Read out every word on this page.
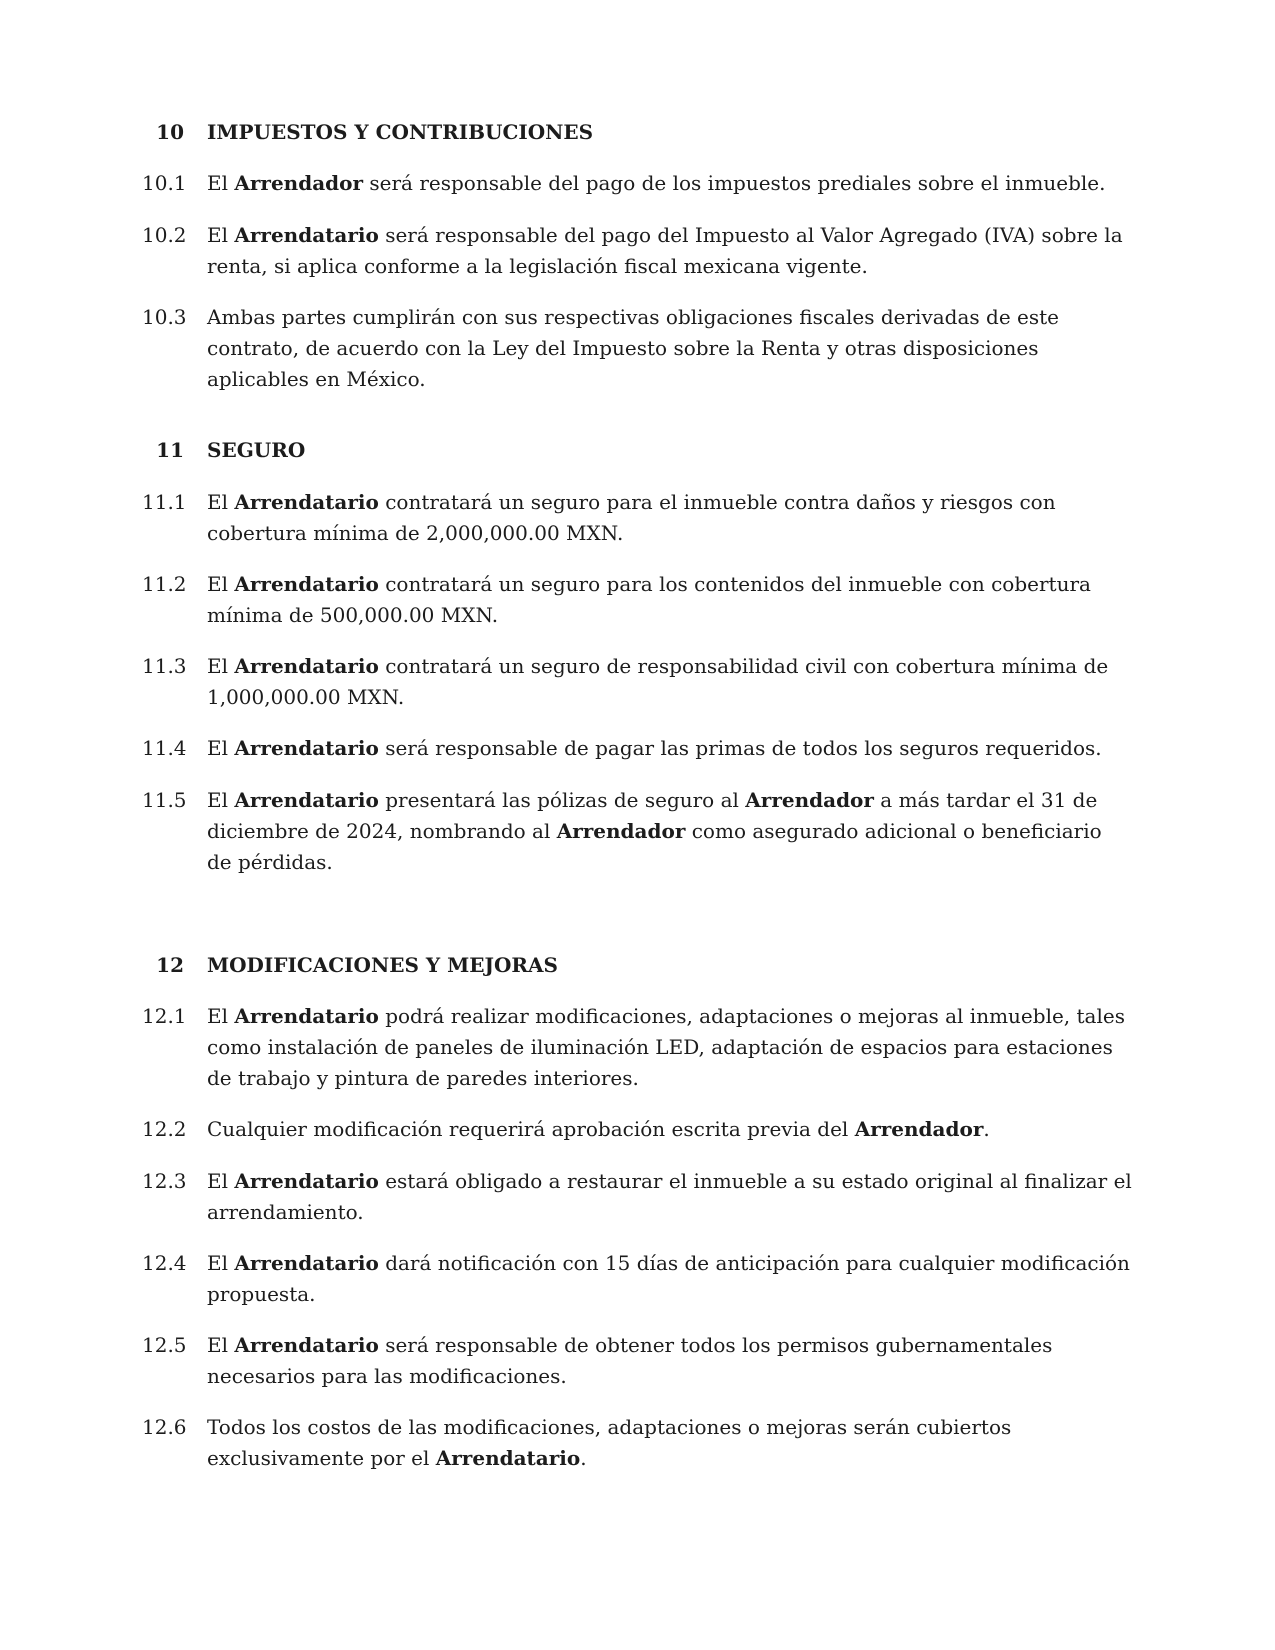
10 IMPUESTOS Y CONTRIBUCIONES
10.1 El Arrendador será responsable del pago de los impuestos prediales sobre el inmueble.
10.2 El Arrendatario será responsable del pago del Impuesto al Valor Agregado (IVA) sobre la renta, si aplica conforme a la legislación fiscal mexicana vigente.
10.3 Ambas partes cumplirán con sus respectivas obligaciones fiscales derivadas de este contrato, de acuerdo con la Ley del Impuesto sobre la Renta y otras disposiciones aplicables en México.
11 SEGURO
11.1 El Arrendatario contratará un seguro para el inmueble contra daños y riesgos con cobertura mínima de 2,000,000.00 MXN.
11.2 El Arrendatario contratará un seguro para los contenidos del inmueble con cobertura mínima de 500,000.00 MXN.
11.3 El Arrendatario contratará un seguro de responsabilidad civil con cobertura mínima de 1,000,000.00 MXN.
11.4 El Arrendatario será responsable de pagar las primas de todos los seguros requeridos.
11.5 El Arrendatario presentará las pólizas de seguro al Arrendador a más tardar el 31 de diciembre de 2024, nombrando al Arrendador como asegurado adicional o beneficiario de pérdidas.
12 MODIFICACIONES Y MEJORAS
12.1 El Arrendatario podrá realizar modificaciones, adaptaciones o mejoras al inmueble, tales como instalación de paneles de iluminación LED, adaptación de espacios para estaciones de trabajo y pintura de paredes interiores.
12.2 Cualquier modificación requerirá aprobación escrita previa del Arrendador.
12.3 El Arrendatario estará obligado a restaurar el inmueble a su estado original al finalizar el arrendamiento.
12.4 El Arrendatario dará notificación con 15 días de anticipación para cualquier modificación propuesta.
12.5 El Arrendatario será responsable de obtener todos los permisos gubernamentales necesarios para las modificaciones.
12.6 Todos los costos de las modificaciones, adaptaciones o mejoras serán cubiertos exclusivamente por el Arrendatario.
